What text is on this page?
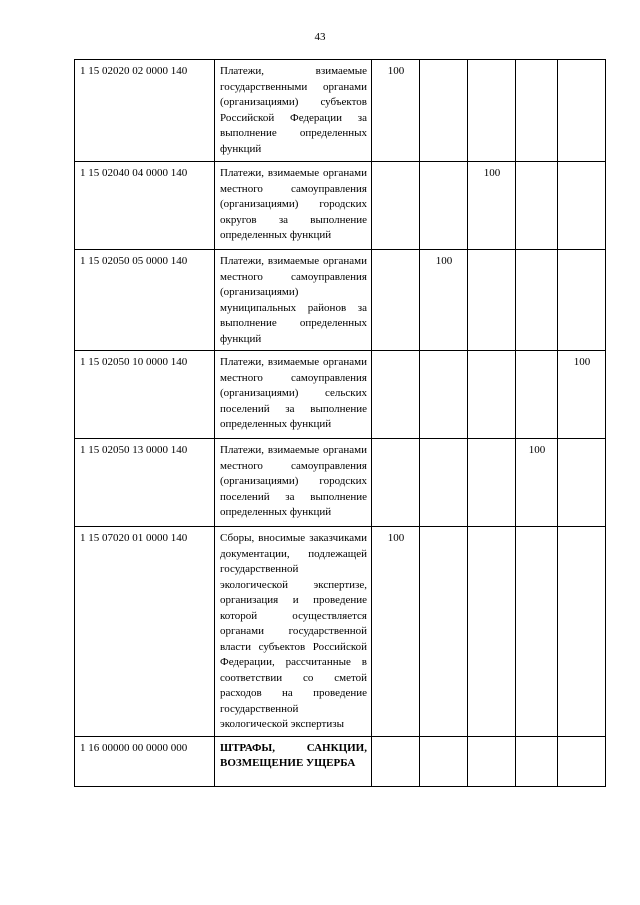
43
1 15 02020 02 0000 140	Платежи, взимаемые государственными органами (организациями) субъектов Российской Федерации за выполнение определенных функций	100				
1 15 02040 04 0000 140	Платежи, взимаемые органами местного самоуправления (организациями) городских округов за выполнение определенных функций			100		
1 15 02050 05 0000 140	Платежи, взимаемые органами местного самоуправления (организациями) муниципальных районов за выполнение определенных функций		100			
1 15 02050 10 0000 140	Платежи, взимаемые органами местного самоуправления (организациями) сельских поселений за выполнение определенных функций					100
1 15 02050 13 0000 140	Платежи, взимаемые органами местного самоуправления (организациями) городских поселений за выполнение определенных функций				100	
1 15 07020 01 0000 140	Сборы, вносимые заказчиками документации, подлежащей государственной экологической экспертизе, организация и проведение которой осуществляется органами государственной власти субъектов Российской Федерации, рассчитанные в соответствии со сметой расходов на проведение государственной экологической экспертизы	100				
1 16 00000 00 0000 000	ШТРАФЫ, САНКЦИИ, ВОЗМЕЩЕНИЕ УЩЕРБА					
